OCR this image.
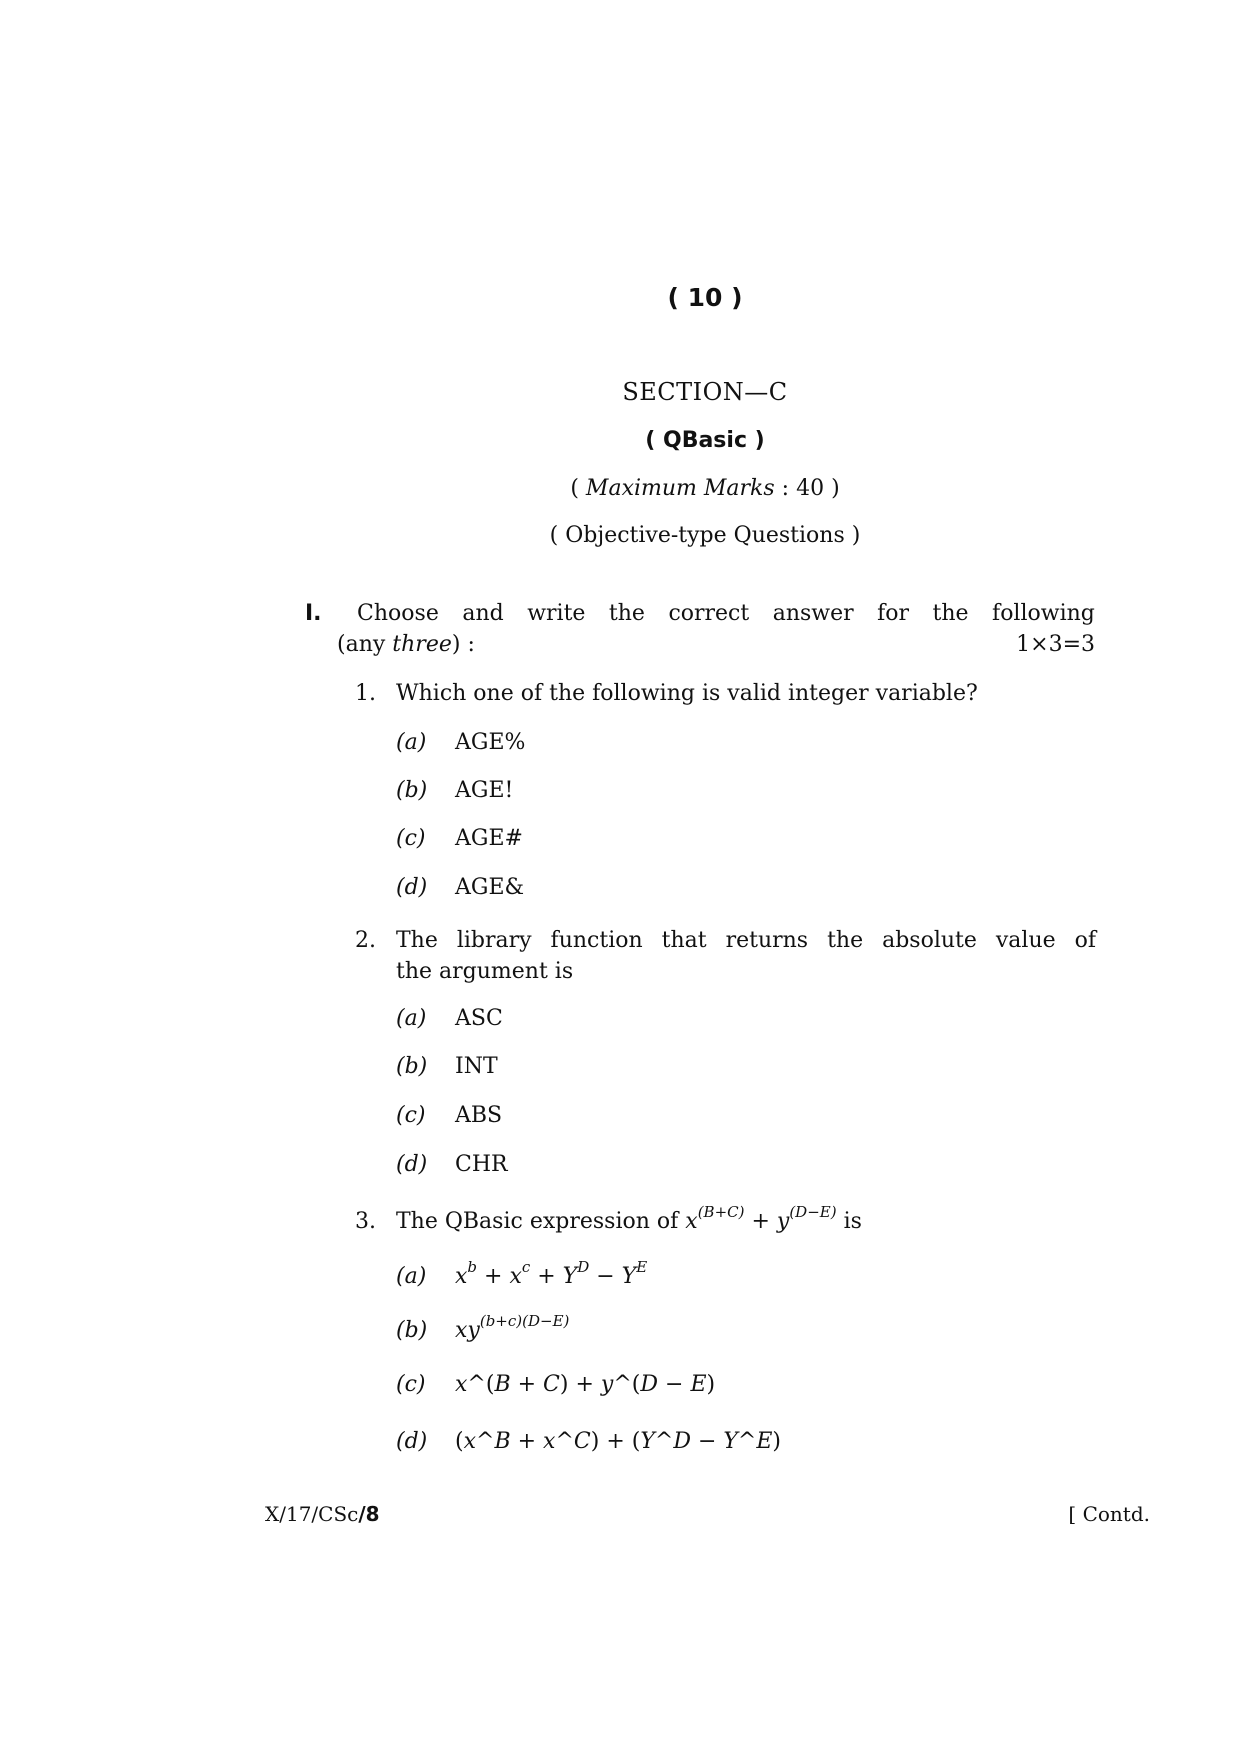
( 10 )
SECTION—C
( QBasic )
( Maximum Marks : 40 )
( Objective-type Questions )
I. Choose and write the correct answer for the following
(any three) :	1×3=3
1. Which one of the following is valid integer variable?
(a) AGE%
(b) AGE!
(c) AGE#
(d) AGE&
2. The library function that returns the absolute value of
the argument is
(a) ASC
(b) INT
(c) ABS
(d) CHR
3. The QBasic expression of $x^{(B+C)} + y^{(D-E)}$ is
(a) $x^b + x^c + Y^D - Y^E$
(b) $xy^{(b+c)(D-E)}$
(c) x^(B + C) + y^(D − E)
(d) (x^B + x^C) + (Y^D − Y^E)
X/17/CSc/8	[ Contd.
